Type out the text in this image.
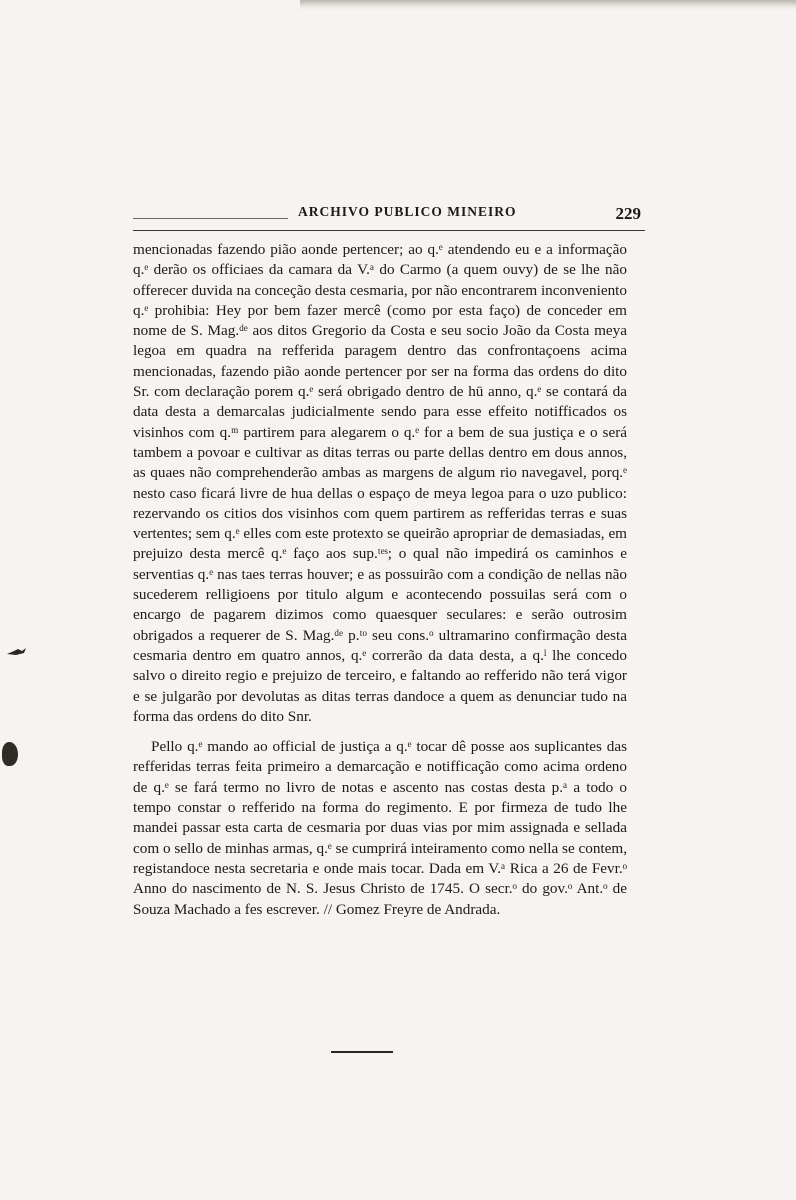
ARCHIVO PUBLICO MINEIRO	229

mencionadas fazendo pião aonde pertencer; ao q.ᵉ atendendo eu e a informação q.ᵉ derão os officiaes da camara da V.ᵃ do Carmo (a quem ouvy) de se lhe não offerecer duvida na conceção desta cesmaria, por não encontrarem inconveniento q.ᵉ prohibia: Hey por bem fazer mercê (como por esta faço) de conceder em nome de S. Mag.ᵈᵉ aos ditos Gregorio da Costa e seu socio João da Costa meya legoa em quadra na refferida paragem dentro das confrontaçoens acima mencionadas, fazendo pião aonde pertencer por ser na forma das ordens do dito Sr. com declaração porem q.ᵉ será obrigado dentro de hū anno, q.ᵉ se contará da data desta a demarcalas judicialmente sendo para esse effeito notifficados os visinhos com q.ᵐ partirem para alegarem o q.ᵉ for a bem de sua justiça e o será tambem a povoar e cultivar as ditas terras ou parte dellas dentro em dous annos, as quaes não comprehenderão ambas as margens de algum rio navegavel, porq.ᵉ nesto caso ficará livre de hua dellas o espaço de meya legoa para o uzo publico: rezervando os citios dos visinhos com quem partirem as refferidas terras e suas vertentes; sem q.ᵉ elles com este protexto se queirão apropriar de demasiadas, em prejuizo desta mercê q.ᵉ faço aos sup.ᵗᵉˢ; o qual não impedirá os caminhos e serventias q.ᵉ nas taes terras houver; e as possuirão com a condição de nellas não sucederem relligioens por titulo algum e acontecendo possuilas será com o encargo de pagarem dizimos como quaesquer seculares: e serão outrosim obrigados a requerer de S. Mag.ᵈᵉ p.ᵗᵒ seu cons.ᵒ ultramarino confirmação desta cesmaria dentro em quatro annos, q.ᵉ correrão da data desta, a q.ˡ lhe concedo salvo o direito regio e prejuizo de terceiro, e faltando ao refferido não terá vigor e se julgarão por devolutas as ditas terras dandoce a quem as denunciar tudo na forma das ordens do dito Snr.

Pello q.ᵉ mando ao official de justiça a q.ᵉ tocar dê posse aos suplicantes das refferidas terras feita primeiro a demarcação e notifficação como acima ordeno de q.ᵉ se fará termo no livro de notas e ascento nas costas desta p.ᵃ a todo o tempo constar o refferido na forma do regimento. E por firmeza de tudo lhe mandei passar esta carta de cesmaria por duas vias por mim assignada e sellada com o sello de minhas armas, q.ᵉ se cumprirá inteiramento como nella se contem, registandoce nesta secretaria e onde mais tocar. Dada em V.ᵃ Rica a 26 de Fevr.ᵒ Anno do nascimento de N. S. Jesus Christo de 1745. O secr.ᵒ do gov.ᵒ Ant.ᵒ de Souza Machado a fes escrever. // Gomez Freyre de Andrada.
